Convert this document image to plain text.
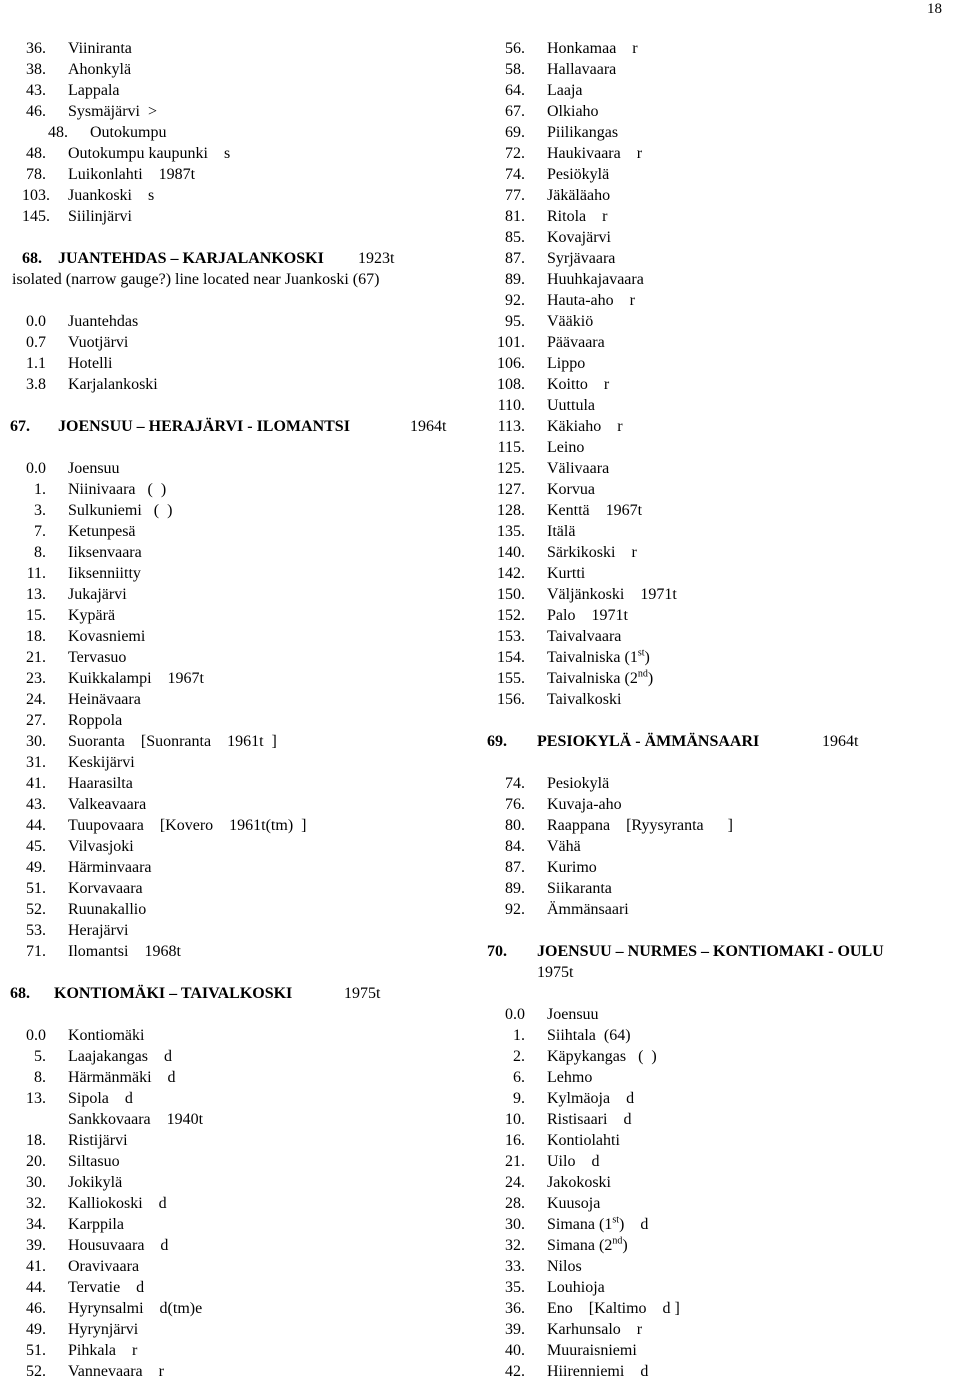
18
36. Viiniranta
38. Ahonkylä
43. Lappala
46. Sysmäjärvi  >
48. Outokumpu
48. Outokumpu kaupunki    s
78. Luikonlahti    1987t
103. Juankoski    s
145. Siilinjärvi
68. JUANTEHDAS – KARJALANKOSKI 1923t
isolated (narrow gauge?) line located near Juankoski (67)
0.0 Juantehdas
0.7 Vuotjärvi
1.1 Hotelli
3.8 Karjalankoski
67. JOENSUU – HERAJÄRVI - ILOMANTSI	1964t
0.0 Joensuu
1. Niinivaara   (  )
3. Sulkuniemi   (  )
7. Ketunpesä
8. Iiksenvaara
11. Iiksenniitty
13. Jukajärvi
15. Kypärä
18. Kovasniemi
21. Tervasuo
23. Kuikkalampi    1967t
24. Heinävaara
27. Roppola
30. Suoranta    [Suonranta    1961t  ]
31. Keskijärvi
41. Haarasilta
43. Valkeavaara
44. Tuupovaara    [Kovero    1961t(tm)  ]
45. Vilvasjoki
49. Härminvaara
51. Korvavaara
52. Ruunakallio
53. Herajärvi
71. Ilomantsi    1968t
68. KONTIOMÄKI – TAIVALKOSKI	1975t
0.0 Kontiomäki
5. Laajakangas    d
8. Härmänmäki    d
13. Sipola    d
Sankkovaara    1940t
18. Ristijärvi
20. Siltasuo
30. Jokikylä
32. Kalliokoski    d
34. Karppila
39. Housuvaara    d
41. Oravivaara
44. Tervatie    d
46. Hyrynsalmi    d(tm)e
49. Hyrynjärvi
51. Pihkala    r
52. Vannevaara    r
56. Honkamaa    r
58. Hallavaara
64. Laaja
67. Olkiaho
69. Piilikangas
72. Haukivaara    r
74. Pesiökylä
77. Jäkäläaho
81. Ritola    r
85. Kovajärvi
87. Syrjävaara
89. Huuhkajavaara
92. Hauta-aho    r
95. Vääkiö
101. Päävaara
106. Lippo
108. Koitto    r
110. Uuttula
113. Käkiaho    r
115. Leino
125. Välivaara
127. Korvua
128. Kenttä    1967t
135. Itälä
140. Särkikoski    r
142. Kurtti
150. Väljänkoski    1971t
152. Palo    1971t
153. Taivalvaara
154. Taivalniska (1st)
155. Taivalniska (2nd)
156. Taivalkoski
69. PESIOKYLÄ - ÄMMÄNSAARI	1964t
74. Pesiokylä
76. Kuvaja-aho
80. Raappana    [Ryysyranta      ]
84. Vähä
87. Kurimo
89. Siikaranta
92. Ämmänsaari
70. JOENSUU – NURMES – KONTIOMAKI - OULU
1975t
0.0 Joensuu
1. Siihtala  (64)
2. Käpykangas   (  )
6. Lehmo
9. Kylmäoja    d
10. Ristisaari    d
16. Kontiolahti
21. Uilo    d
24. Jakokoski
28. Kuusoja
30. Simana (1st)    d
32. Simana (2nd)
33. Nilos
35. Louhioja
36. Eno    [Kaltimo    d ]
39. Karhunsalo    r
40. Muuraisniemi
42. Hiirenniemi    d
